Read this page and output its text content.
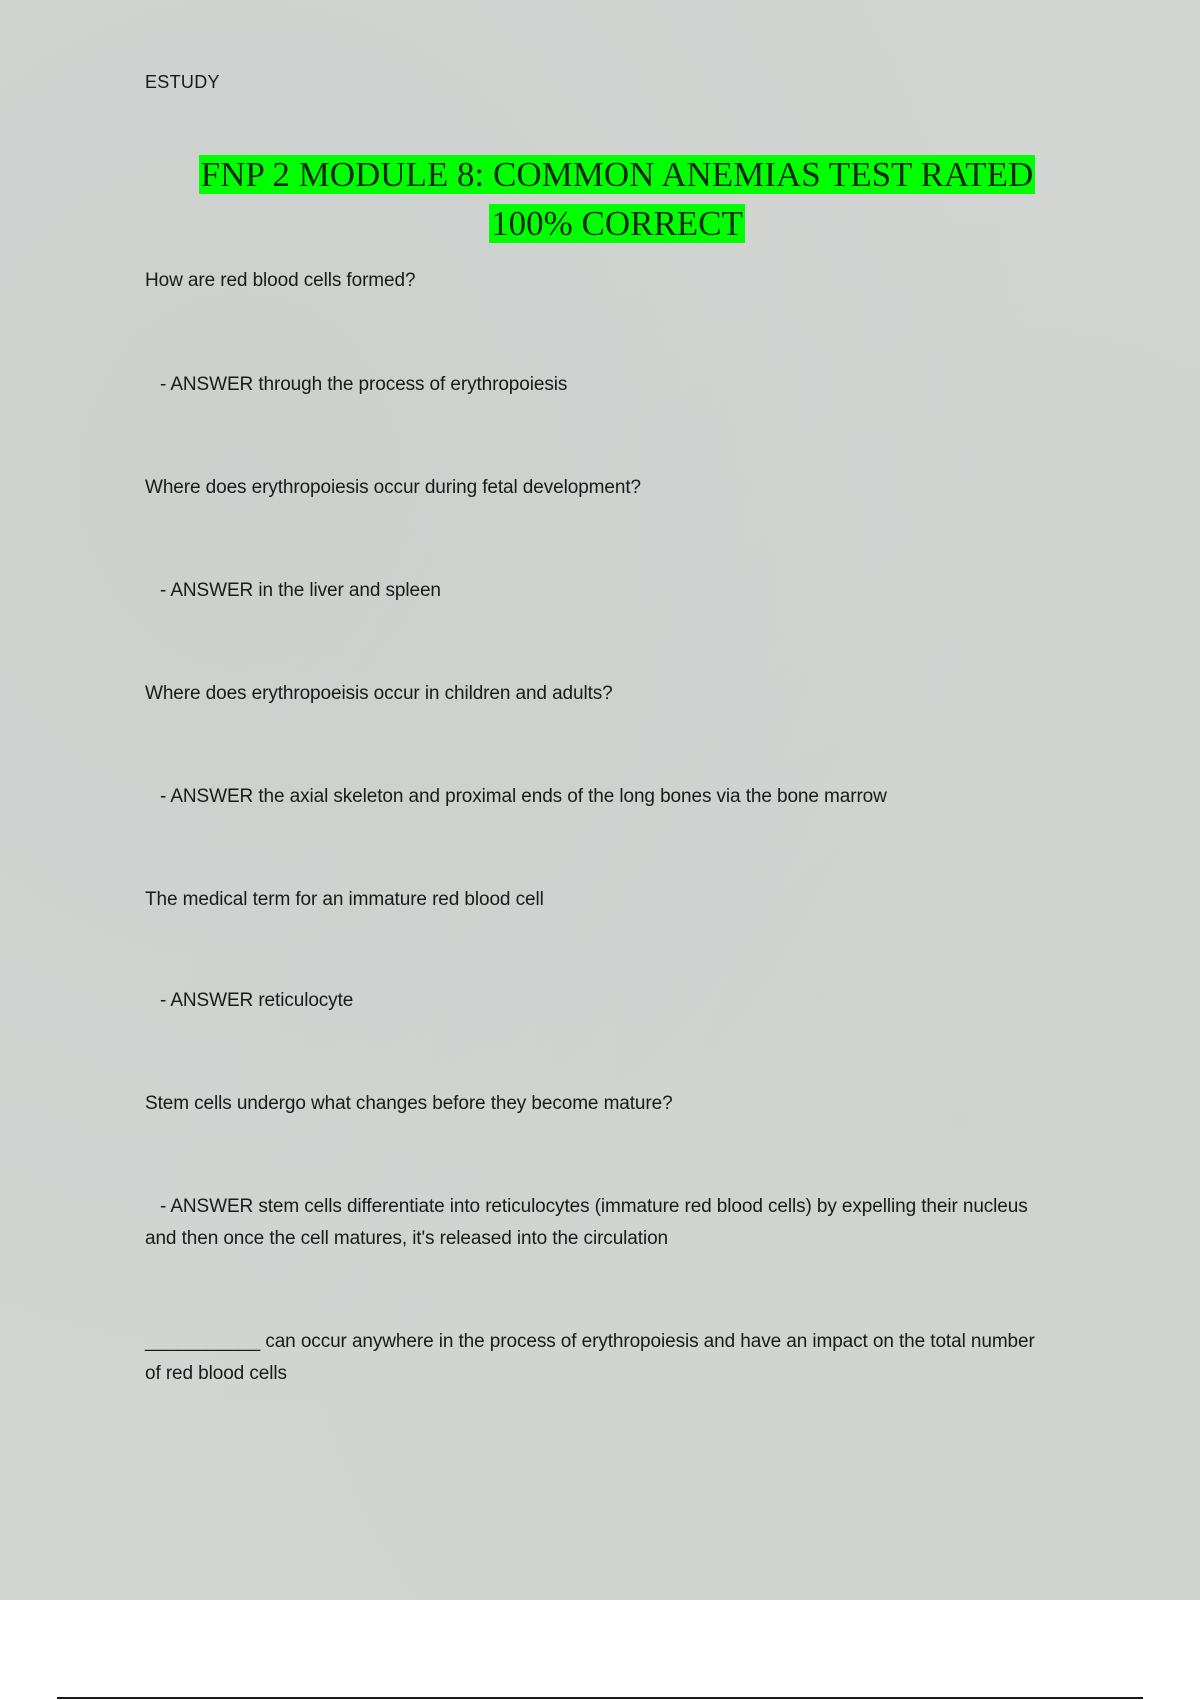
ESTUDY
FNP 2 MODULE 8: COMMON ANEMIAS TEST RATED
100% CORRECT
How are red blood cells formed?
- ANSWER through the process of erythropoiesis
Where does erythropoiesis occur during fetal development?
- ANSWER in the liver and spleen
Where does erythropoeisis occur in children and adults?
- ANSWER the axial skeleton and proximal ends of the long bones via the bone marrow
The medical term for an immature red blood cell
- ANSWER reticulocyte
Stem cells undergo what changes before they become mature?
- ANSWER stem cells differentiate into reticulocytes (immature red blood cells) by expelling their nucleus and then once the cell matures, it's released into the circulation
___________ can occur anywhere in the process of erythropoiesis and have an impact on the total number of red blood cells
